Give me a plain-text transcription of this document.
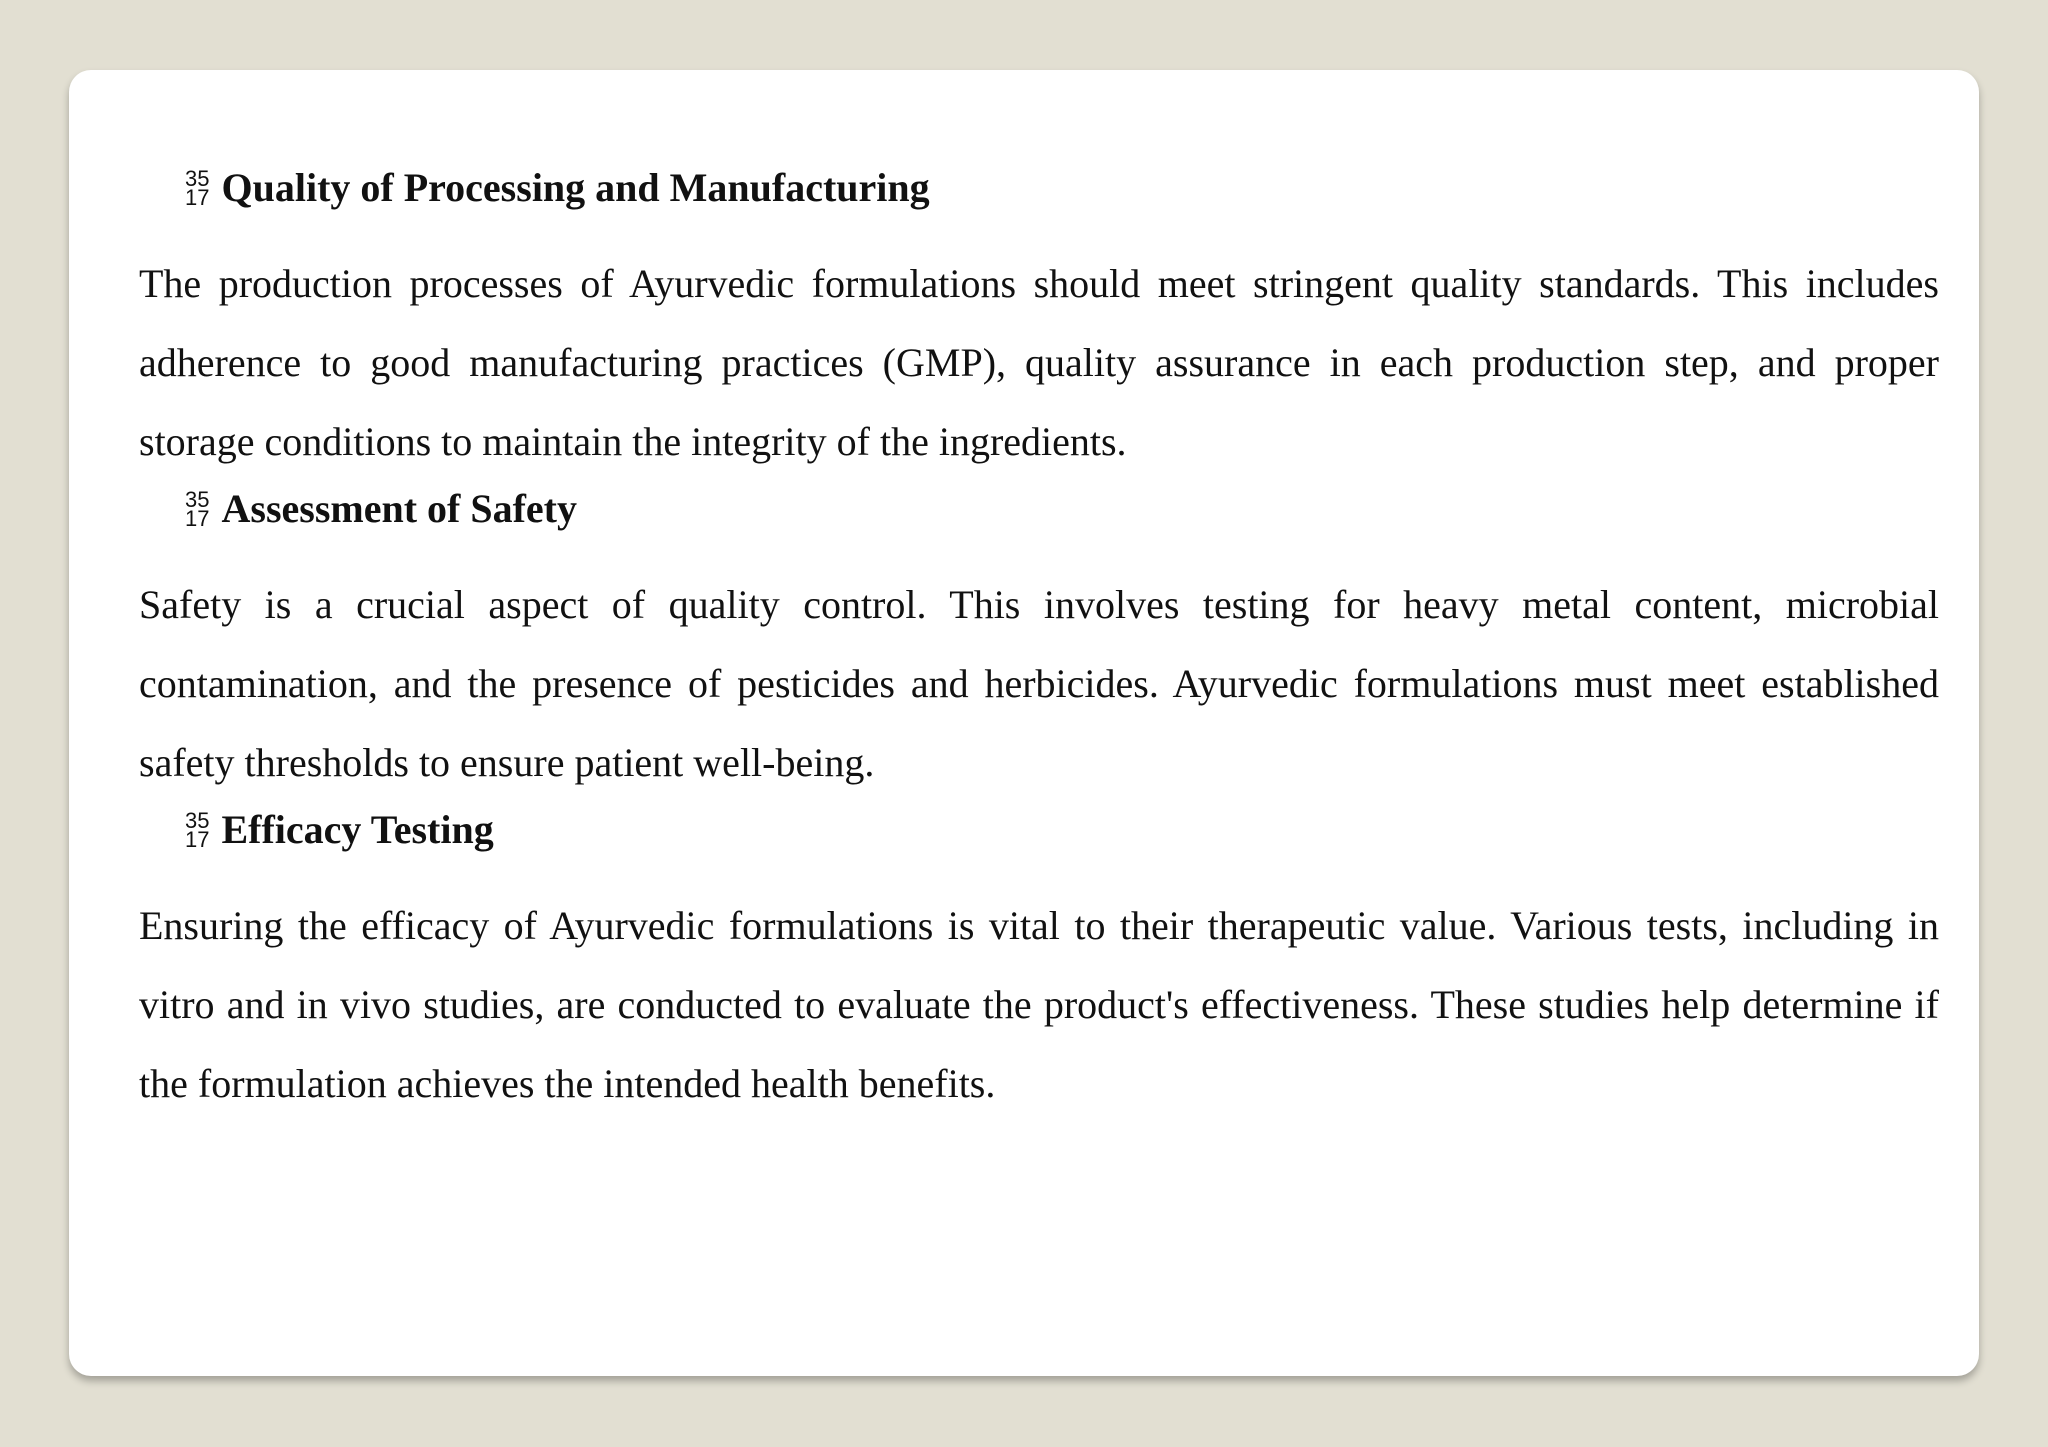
35
17 Quality of Processing and Manufacturing
The production processes of Ayurvedic formulations should meet stringent quality standards. This includes adherence to good manufacturing practices (GMP), quality assurance in each production step, and proper storage conditions to maintain the integrity of the ingredients.
35
17 Assessment of Safety
Safety is a crucial aspect of quality control. This involves testing for heavy metal content, microbial contamination, and the presence of pesticides and herbicides. Ayurvedic formulations must meet established safety thresholds to ensure patient well-being.
35
17 Efficacy Testing
Ensuring the efficacy of Ayurvedic formulations is vital to their therapeutic value. Various tests, including in vitro and in vivo studies, are conducted to evaluate the product's effectiveness. These studies help determine if the formulation achieves the intended health benefits.
